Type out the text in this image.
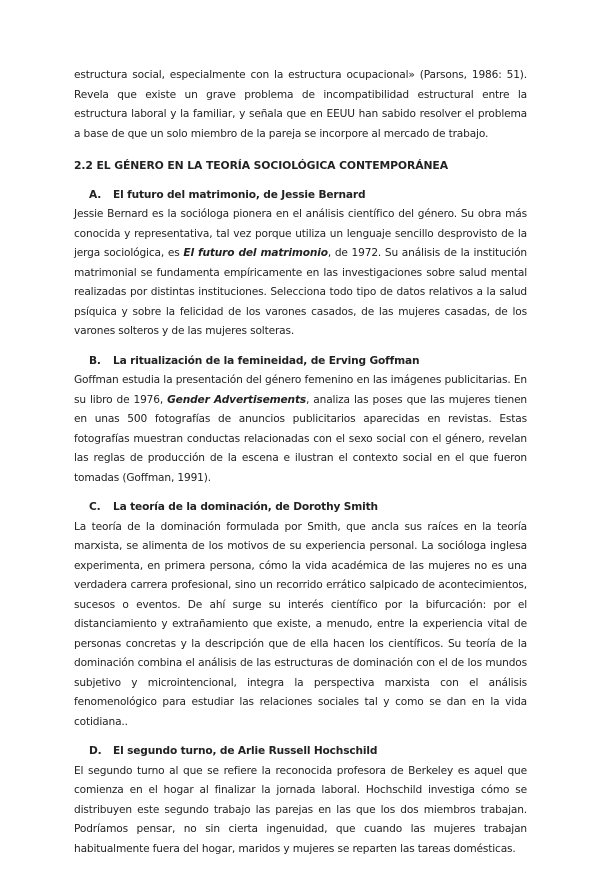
estructura social, especialmente con la estructura ocupacional» (Parsons, 1986: 51). Revela que existe un grave problema de incompatibilidad estructural entre la estructura laboral y la familiar, y señala que en EEUU han sabido resolver el problema a base de que un solo miembro de la pareja se incorpore al mercado de trabajo.

2.2 EL GÉNERO EN LA TEORÍA SOCIOLÓGICA CONTEMPORÁNEA
A. El futuro del matrimonio, de Jessie Bernard

Jessie Bernard es la socióloga pionera en el análisis científico del género. Su obra más conocida y representativa, tal vez porque utiliza un lenguaje sencillo desprovisto de la jerga sociológica, es El futuro del matrimonio, de 1972. Su análisis de la institución matrimonial se fundamenta empíricamente en las investigaciones sobre salud mental realizadas por distintas instituciones. Selecciona todo tipo de datos relativos a la salud psíquica y sobre la felicidad de los varones casados, de las mujeres casadas, de los varones solteros y de las mujeres solteras.

B. La ritualización de la femineidad, de Erving Goffman

Goffman estudia la presentación del género femenino en las imágenes publicitarias. En su libro de 1976, Gender Advertisements, analiza las poses que las mujeres tienen en unas 500 fotografías de anuncios publicitarios aparecidas en revistas. Estas fotografías muestran conductas relacionadas con el sexo social con el género, revelan las reglas de producción de la escena e ilustran el contexto social en el que fueron tomadas (Goffman, 1991).

C. La teoría de la dominación, de Dorothy Smith

La teoría de la dominación formulada por Smith, que ancla sus raíces en la teoría marxista, se alimenta de los motivos de su experiencia personal. La socióloga inglesa experimenta, en primera persona, cómo la vida académica de las mujeres no es una verdadera carrera profesional, sino un recorrido errático salpicado de acontecimientos, sucesos o eventos. De ahí surge su interés científico por la bifurcación: por el distanciamiento y extrañamiento que existe, a menudo, entre la experiencia vital de personas concretas y la descripción que de ella hacen los científicos. Su teoría de la dominación combina el análisis de las estructuras de dominación con el de los mundos subjetivo y microintencional, integra la perspectiva marxista con el análisis fenomenológico para estudiar las relaciones sociales tal y como se dan en la vida cotidiana..

D. El segundo turno, de Arlie Russell Hochschild

El segundo turno al que se refiere la reconocida profesora de Berkeley es aquel que comienza en el hogar al finalizar la jornada laboral. Hochschild investiga cómo se distribuyen este segundo trabajo las parejas en las que los dos miembros trabajan. Podríamos pensar, no sin cierta ingenuidad, que cuando las mujeres trabajan habitualmente fuera del hogar, maridos y mujeres se reparten las tareas domésticas.
